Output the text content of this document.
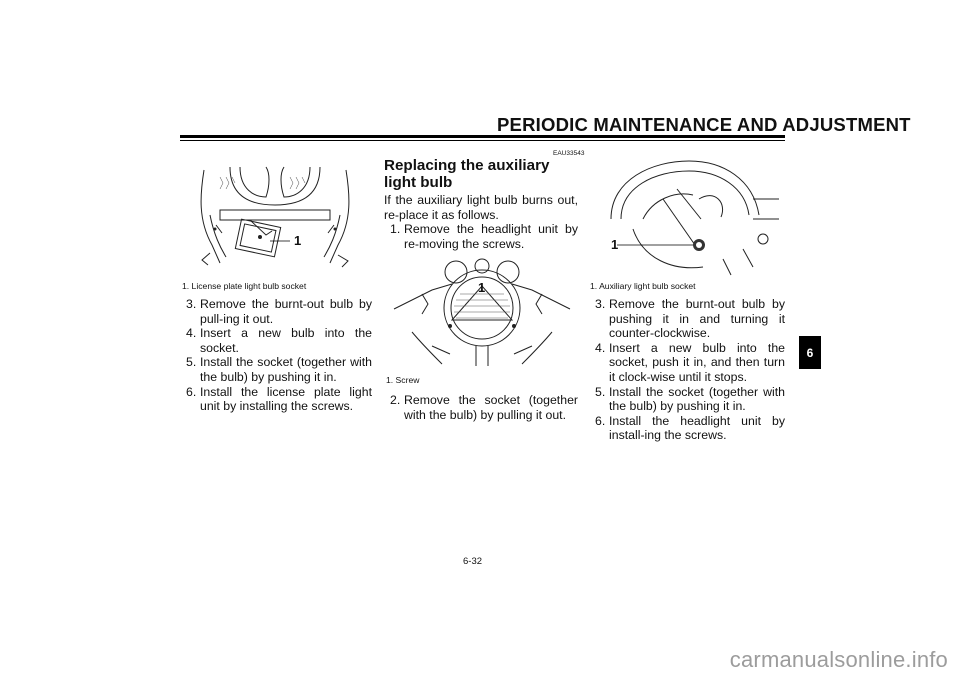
PERIODIC MAINTENANCE AND ADJUSTMENT
1
1. License plate light bulb socket
3. Remove the burnt-out bulb by pull-ing it out.
4. Insert a new bulb into the socket.
5. Install the socket (together with the bulb) by pushing it in.
6. Install the license plate light unit by installing the screws.
EAU33543
Replacing the auxiliary light bulb

If the auxiliary light bulb burns out, re-place it as follows.

1. Remove the headlight unit by re-moving the screws.
1
1. Screw
2. Remove the socket (together with the bulb) by pulling it out.
1
1. Auxiliary light bulb socket
3. Remove the burnt-out bulb by pushing it in and turning it counter-clockwise.
4. Insert a new bulb into the socket, push it in, and then turn it clock-wise until it stops.
5. Install the socket (together with the bulb) by pushing it in.
6. Install the headlight unit by install-ing the screws.
6
6-32
carmanualsonline.info
